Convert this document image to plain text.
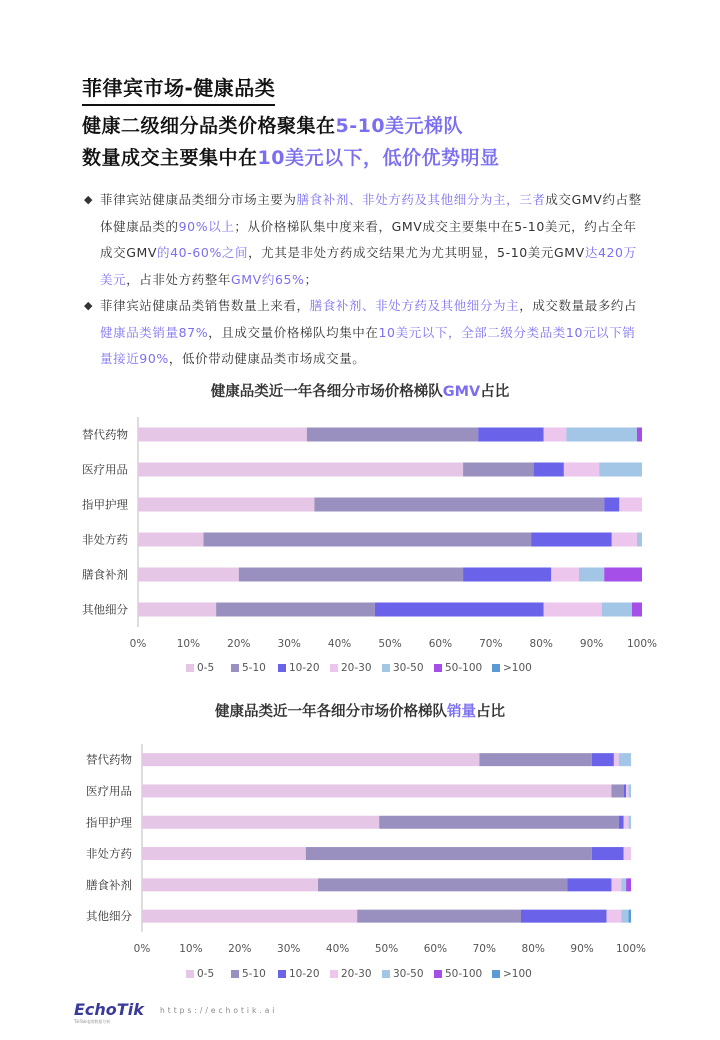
菲律宾市场-健康品类
健康二级细分品类价格聚集在5-10美元梯队
数量成交主要集中在10美元以下，低价优势明显
◆ 菲律宾站健康品类细分市场主要为膳食补剂、非处方药及其他细分为主，三者成交GMV约占整体健康品类的90%以上；从价格梯队集中度来看，GMV成交主要集中在5-10美元，约占全年成交GMV的40-60%之间，尤其是非处方药成交结果尤为尤其明显，5-10美元GMV达420万美元，占非处方药整年GMV约65%；
◆ 菲律宾站健康品类销售数量上来看，膳食补剂、非处方药及其他细分为主，成交数量最多约占健康品类销量87%，且成交量价格梯队均集中在10美元以下，全部二级分类品类10元以下销量接近90%，低价带动健康品类市场成交量。
健康品类近一年各细分市场价格梯队GMV占比
替代药物
医疗用品
指甲护理
非处方药
膳食补剂
其他细分
0%	10%	20%	30%	40%	50%	60%	70%	80%	90% 100%
0-5	5-10 10-20 20-30 30-50 50-100 >100
健康品类近一年各细分市场价格梯队销量占比
替代药物
医疗用品
指甲护理
非处方药
膳食补剂
其他细分
0%	10% 20% 30% 40% 50% 60% 70% 80% 90% 100%
0-5	5-10 10-20 20-30 30-50 50-100 >100
EchoTik
TikTok电商数据分析
https://echotik.ai
